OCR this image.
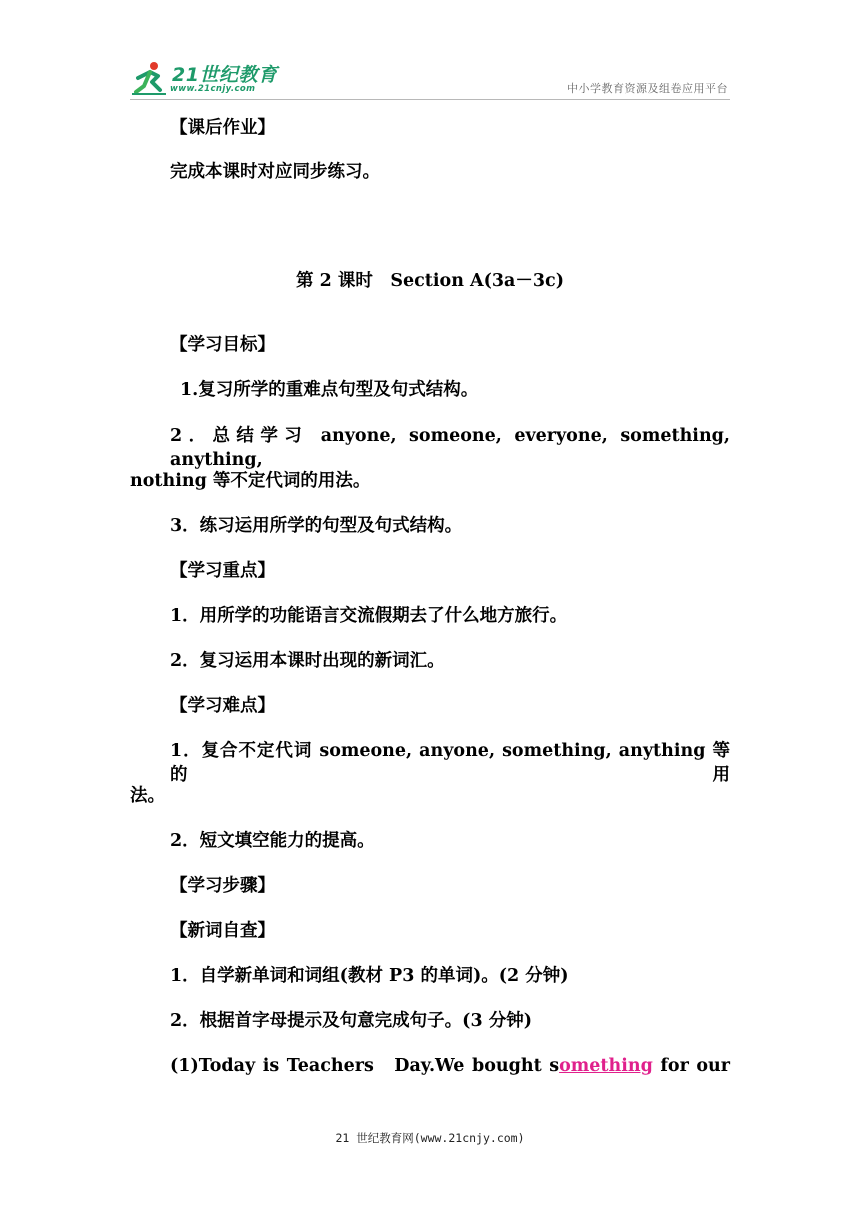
21世纪教育
www.21cnjy.com	中小学教育资源及组卷应用平台
【课后作业】
完成本课时对应同步练习。
第 2 课时　Section A(3a－3c)
【学习目标】
1.复习所学的重难点句型及句式结构。
2．总结学习 anyone, someone, everyone, something, anything,
nothing 等不定代词的用法。
3．练习运用所学的句型及句式结构。
【学习重点】
1．用所学的功能语言交流假期去了什么地方旅行。
2．复习运用本课时出现的新词汇。
【学习难点】
1．复合不定代词 someone, anyone, something, anything 等的用
法。
2．短文填空能力的提高。
【学习步骤】
【新词自查】
1．自学新单词和词组(教材 P3 的单词)。(2 分钟)
2．根据首字母提示及句意完成句子。(3 分钟)
(1)Today is Teachers　Day.We bought something for our
21 世纪教育网(www.21cnjy.com)
